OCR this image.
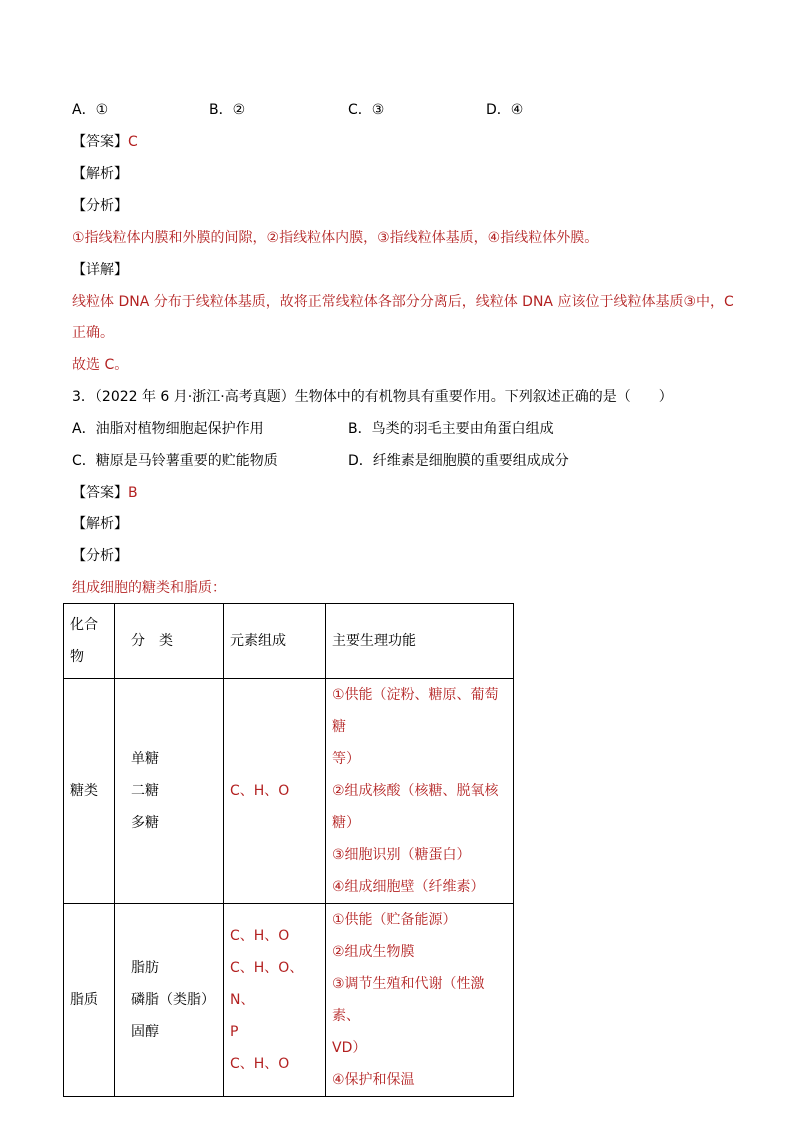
A．①	B．②	C．③	D．④
【答案】C
【解析】
【分析】
①指线粒体内膜和外膜的间隙，②指线粒体内膜，③指线粒体基质，④指线粒体外膜。
【详解】
线粒体 DNA 分布于线粒体基质，故将正常线粒体各部分分离后，线粒体 DNA 应该位于线粒体基质③中，C
正确。
故选 C。
3．（2022 年 6 月·浙江·高考真题）生物体中的有机物具有重要作用。下列叙述正确的是（　　）
A．油脂对植物细胞起保护作用	B．鸟类的羽毛主要由角蛋白组成
C．糖原是马铃薯重要的贮能物质	D．纤维素是细胞膜的重要组成成分
【答案】B
【解析】
【分析】
组成细胞的糖类和脂质：
化合
物	分　类	元素组成	主要生理功能
糖类	单糖
二糖
多糖	C、H、O	①供能（淀粉、糖原、葡萄糖
等）
②组成核酸（核糖、脱氧核糖）
③细胞识别（糖蛋白）
④组成细胞壁（纤维素）

脂质	脂肪
磷脂（类脂）
固醇	C、H、O
C、H、O、N、
P
C、H、O	①供能（贮备能源）
②组成生物膜
③调节生殖和代谢（性激素、
VD）
④保护和保温
